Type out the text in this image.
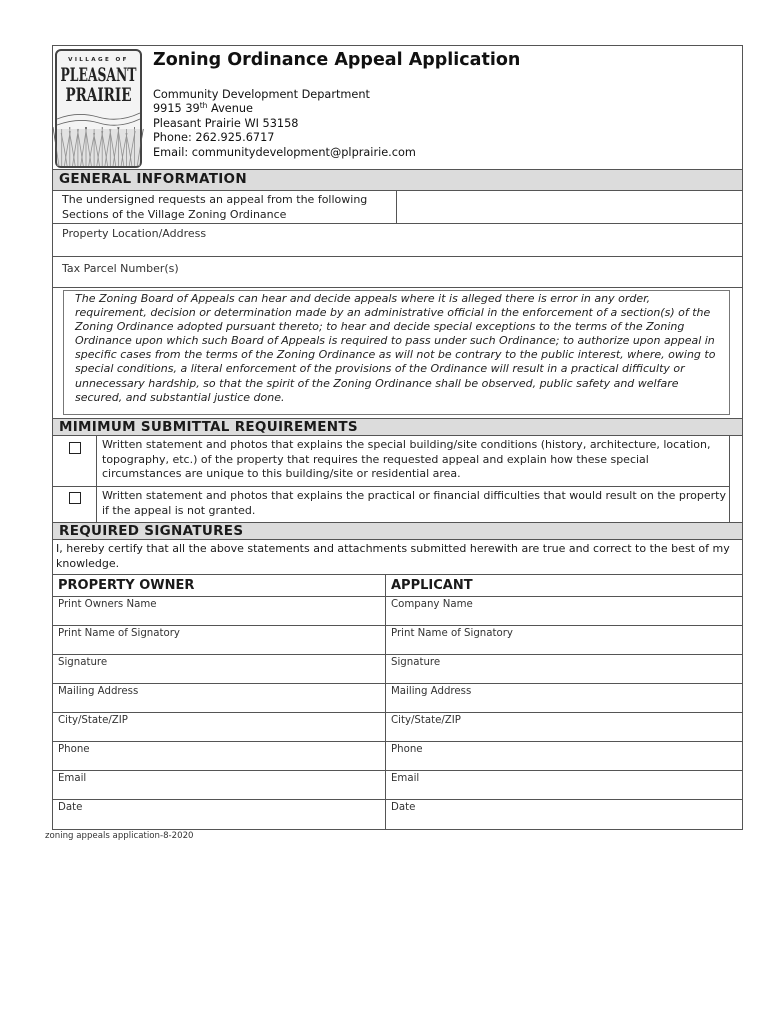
VILLAGE OF
PLEASANT
PRAIRIE
Zoning Ordinance Appeal Application
Community Development Department
9915 39th Avenue
Pleasant Prairie WI 53158
Phone: 262.925.6717
Email: communitydevelopment@plprairie.com
GENERAL INFORMATION
The undersigned requests an appeal from the following
Sections of the Village Zoning Ordinance
Property Location/Address
Tax Parcel Number(s)
The Zoning Board of Appeals can hear and decide appeals where it is alleged there is error in any order, requirement, decision or determination made by an administrative official in the enforcement of a section(s) of the Zoning Ordinance adopted pursuant thereto; to hear and decide special exceptions to the terms of the Zoning Ordinance upon which such Board of Appeals is required to pass under such Ordinance; to authorize upon appeal in specific cases from the terms of the Zoning Ordinance as will not be contrary to the public interest, where, owing to special conditions, a literal enforcement of the provisions of the Ordinance will result in a practical difficulty or unnecessary hardship, so that the spirit of the Zoning Ordinance shall be observed, public safety and welfare secured, and substantial justice done.
MIMIMUM SUBMITTAL REQUIREMENTS
Written statement and photos that explains the special building/site conditions (history, architecture, location, topography, etc.) of the property that requires the requested appeal and explain how these special circumstances are unique to this building/site or residential area.
Written statement and photos that explains the practical or financial difficulties that would result on the property if the appeal is not granted.
REQUIRED SIGNATURES
I, hereby certify that all the above statements and attachments submitted herewith are true and correct to the best of my knowledge.
PROPERTY OWNER	APPLICANT
Print Owners Name	Company Name
Print Name of Signatory	Print Name of Signatory
Signature	Signature
Mailing Address	Mailing Address
City/State/ZIP	City/State/ZIP
Phone	Phone
Email	Email
Date	Date
zoning appeals application-8-2020
